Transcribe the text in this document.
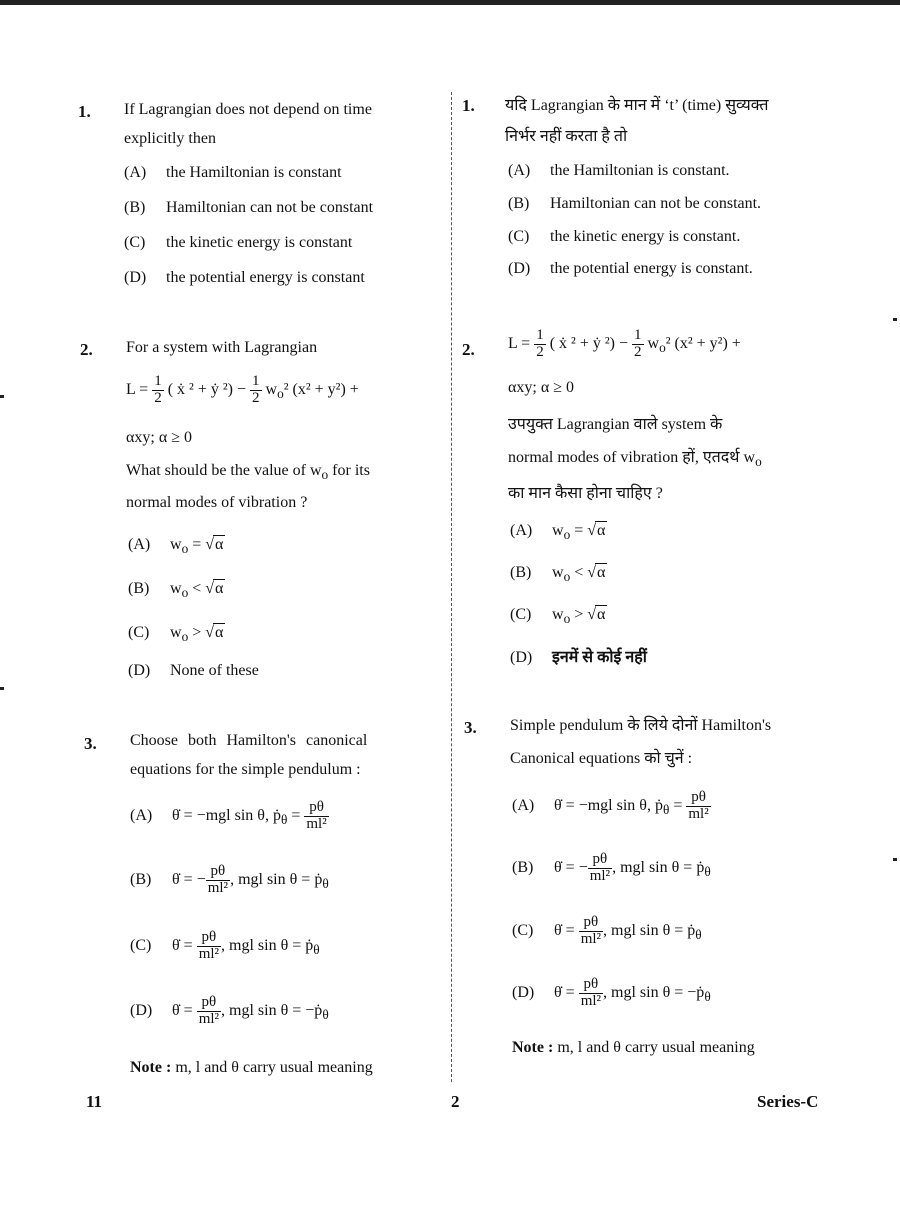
1. If Lagrangian does not depend on time
explicitly then
(A) the Hamiltonian is constant
(B) Hamiltonian can not be constant
(C) the kinetic energy is constant
(D) the potential energy is constant
2. For a system with Lagrangian
$L = \frac{1}{2}$ ( ẋ ² + ẏ $^2) - \frac{1}{2} w_o^2$ (x² + y²) +
αxy; α ≥ 0
What should be the value of $w_o$ for its
normal modes of vibration ?
(A) $w_o = √\alpha$
(B) $w_o < √\alpha$
(C) $w_o > √\alpha$
(D) None of these
3. Choose both Hamilton's canonical
equations for the simple pendulum :
(A) θ̇ = −mgl sin θ, ṗ$_\theta$ = $\frac{p\theta}{\text{ml²}}$
(B) θ̇ = − $\frac{p\theta}{\text{ml²}}$ , mgl sin θ = ṗ$_\theta$
(C) θ̇ = $\frac{p\theta}{\text{ml²}}$ , mgl sin θ = ṗ$_\theta$
(D) θ̇ = $\frac{p\theta}{\text{ml²}}$ , mgl sin θ = −ṗ$_\theta$
Note : m, l and θ carry usual meaning
1. यदि Lagrangian के मान में ‘t’ (time) सुव्यक्त
निर्भर नहीं करता है तो
(A) the Hamiltonian is constant.
(B) Hamiltonian can not be constant.
(C) the kinetic energy is constant.
(D) the potential energy is constant.
2. $L = \frac{1}{2}$ ( ẋ ² + ẏ $^2) - \frac{1}{2} w_o^2$ (x² + y²) +
αxy; α ≥ 0
उपयुक्त Lagrangian वाले system के
normal modes of vibration हों, एतदर्थ $w_o$
का मान कैसा होना चाहिए ?
(A) $w_o = √\alpha$
(B) $w_o < √\alpha$
(C) $w_o > √\alpha$
(D) इनमें से कोई नहीं
3. Simple pendulum के लिये दोनों Hamilton's
Canonical equations को चुनें :
(A) θ̇ = −mgl sin θ, ṗ$_\theta$ = $\frac{p\theta}{\text{ml²}}$
(B) θ̇ = − $\frac{p\theta}{\text{ml²}}$ , mgl sin θ = ṗ$_\theta$
(C) θ̇ = $\frac{p\theta}{\text{ml²}}$ , mgl sin θ = ṗ$_\theta$
(D) θ̇ = $\frac{p\theta}{\text{ml²}}$ , mgl sin θ = −ṗ$_\theta$
Note : m, l and θ carry usual meaning
11	2	Series-C
